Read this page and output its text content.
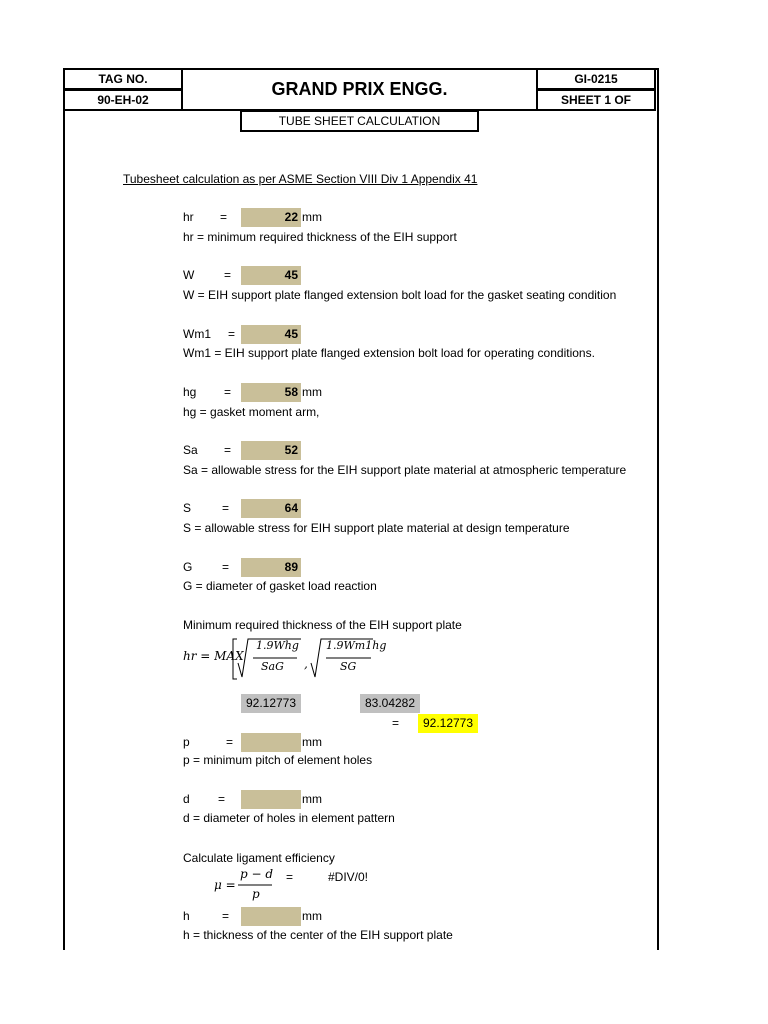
TAG NO.
90-EH-02
GRAND PRIX ENGG.	GI-0215
SHEET 1 OF
TUBE SHEET CALCULATION
Tubesheet calculation as per ASME Section VIII Div 1 Appendix 41
hr =	22 mm
hr = minimum required thickness of the EIH support
W =	45
W = EIH support plate flanged extension bolt load for the gasket seating condition
Wm1 =	45
Wm1 = EIH support plate flanged extension bolt load for operating conditions.
hg =	58 mm
hg = gasket moment arm,
Sa =	52
Sa = allowable stress for the EIH support plate material at atmospheric temperature
S	=	64
S = allowable stress for EIH support plate material at design temperature
G =	89
G = diameter of gasket load reaction
Minimum required thickness of the EIH support plate
hr = MAX
1.9Whg
SaG ,
1.9Wm1hg
SG
92.12773	83.04282
=	92.12773
p	=	mm
p = minimum pitch of element holes
d =	mm
d = diameter of holes in element pattern
Calculate ligament efficiency
μ =
p − d
p
=	#DIV/0!
h	=	mm
h = thickness of the center of the EIH support plate
